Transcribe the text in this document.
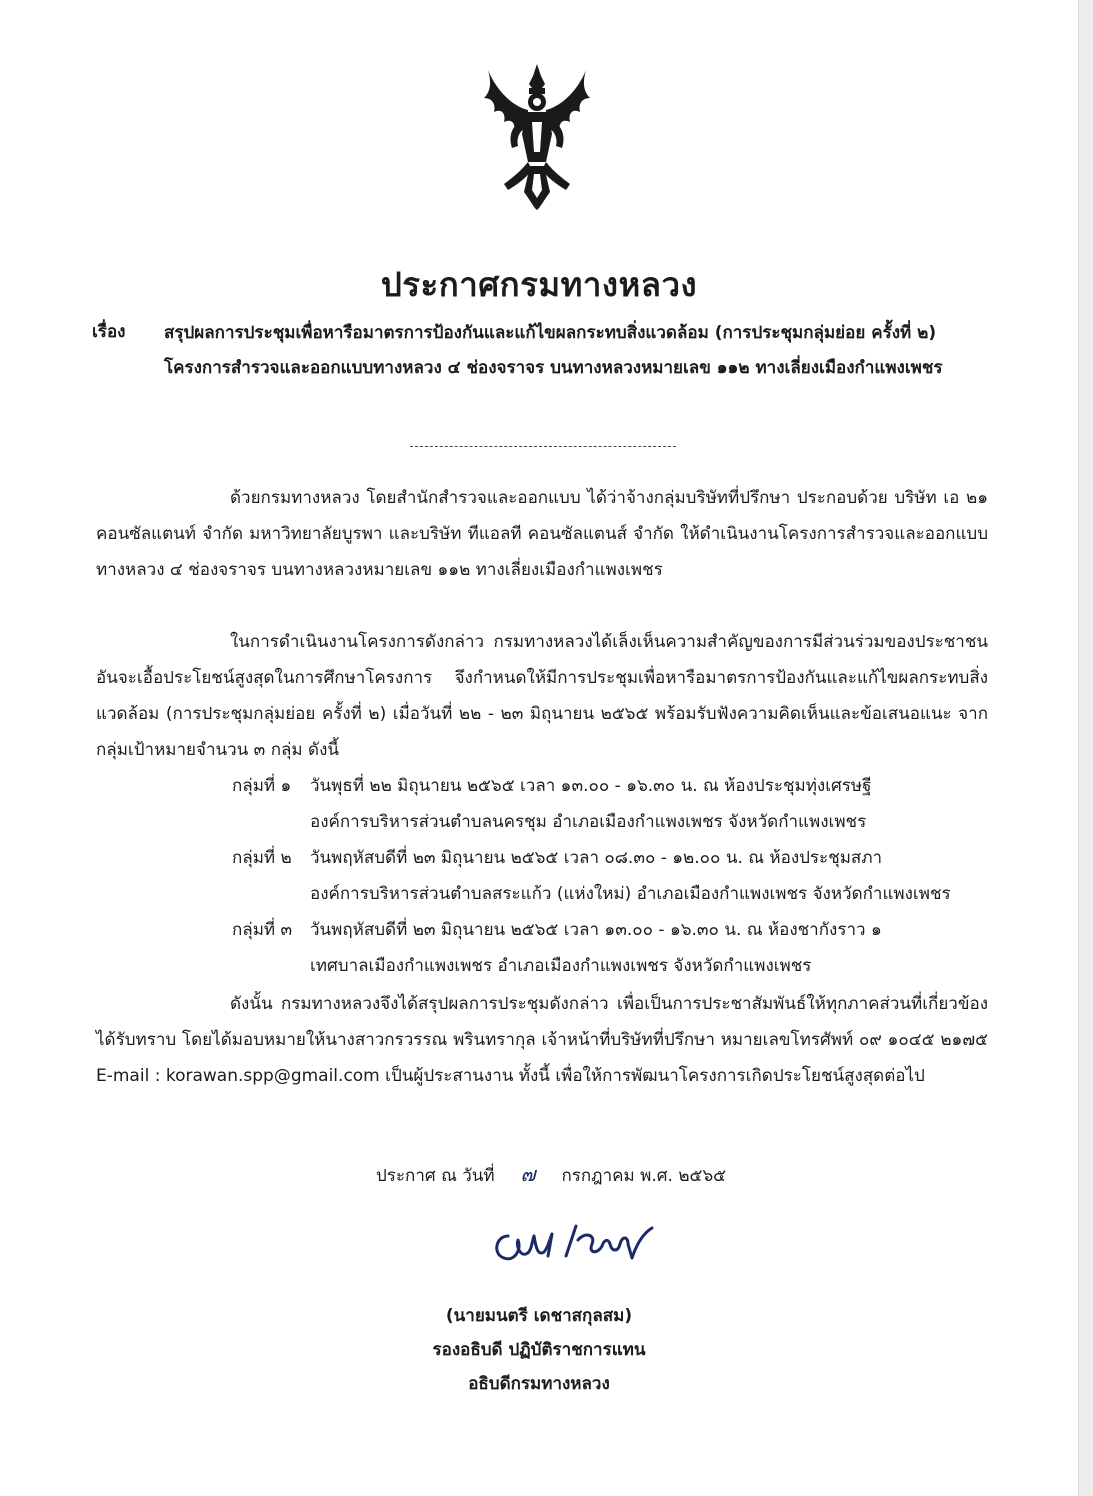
ประกาศกรมทางหลวง
เรื่อง สรุปผลการประชุมเพื่อหารือมาตรการป้องกันและแก้ไขผลกระทบสิ่งแวดล้อม (การประชุมกลุ่มย่อย ครั้งที่ ๒) โครงการสำรวจและออกแบบทางหลวง ๔ ช่องจราจร บนทางหลวงหมายเลข ๑๑๒ ทางเลี่ยงเมืองกำแพงเพชร
ด้วยกรมทางหลวง โดยสำนักสำรวจและออกแบบ ได้ว่าจ้างกลุ่มบริษัทที่ปรึกษา ประกอบด้วย บริษัท เอ ๒๑ คอนซัลแตนท์ จำกัด มหาวิทยาลัยบูรพา และบริษัท ทีแอลที คอนซัลแตนส์ จำกัด ให้ดำเนินงานโครงการสำรวจและออกแบบทางหลวง ๔ ช่องจราจร บนทางหลวงหมายเลข ๑๑๒ ทางเลี่ยงเมืองกำแพงเพชร
ในการดำเนินงานโครงการดังกล่าว กรมทางหลวงได้เล็งเห็นความสำคัญของการมีส่วนร่วมของประชาชน อันจะเอื้อประโยชน์สูงสุดในการศึกษาโครงการ จึงกำหนดให้มีการประชุมเพื่อหารือมาตรการป้องกันและแก้ไขผลกระทบสิ่งแวดล้อม (การประชุมกลุ่มย่อย ครั้งที่ ๒) เมื่อวันที่ ๒๒ - ๒๓ มิถุนายน ๒๕๖๕ พร้อมรับฟังความคิดเห็นและข้อเสนอแนะ จากกลุ่มเป้าหมายจำนวน ๓ กลุ่ม ดังนี้
กลุ่มที่ ๑ วันพุธที่ ๒๒ มิถุนายน ๒๕๖๕ เวลา ๑๓.๐๐ - ๑๖.๓๐ น. ณ ห้องประชุมทุ่งเศรษฐี
องค์การบริหารส่วนตำบลนครชุม อำเภอเมืองกำแพงเพชร จังหวัดกำแพงเพชร
กลุ่มที่ ๒ วันพฤหัสบดีที่ ๒๓ มิถุนายน ๒๕๖๕ เวลา ๐๘.๓๐ - ๑๒.๐๐ น. ณ ห้องประชุมสภา
องค์การบริหารส่วนตำบลสระแก้ว (แห่งใหม่) อำเภอเมืองกำแพงเพชร จังหวัดกำแพงเพชร
กลุ่มที่ ๓ วันพฤหัสบดีที่ ๒๓ มิถุนายน ๒๕๖๕ เวลา ๑๓.๐๐ - ๑๖.๓๐ น. ณ ห้องชากังราว ๑
เทศบาลเมืองกำแพงเพชร อำเภอเมืองกำแพงเพชร จังหวัดกำแพงเพชร
ดังนั้น กรมทางหลวงจึงได้สรุปผลการประชุมดังกล่าว เพื่อเป็นการประชาสัมพันธ์ให้ทุกภาคส่วนที่เกี่ยวข้องได้รับทราบ โดยได้มอบหมายให้นางสาวกรวรรณ พรินทรากุล เจ้าหน้าที่บริษัทที่ปรึกษา หมายเลขโทรศัพท์ ๐๙ ๑๐๔๕ ๒๑๗๕ E-mail : korawan.spp@gmail.com เป็นผู้ประสานงาน ทั้งนี้ เพื่อให้การพัฒนาโครงการเกิดประโยชน์สูงสุดต่อไป
ประกาศ ณ วันที่ ๗ กรกฎาคม พ.ศ. ๒๕๖๕
(นายมนตรี เดชาสกุลสม)
รองอธิบดี ปฏิบัติราชการแทน
อธิบดีกรมทางหลวง
